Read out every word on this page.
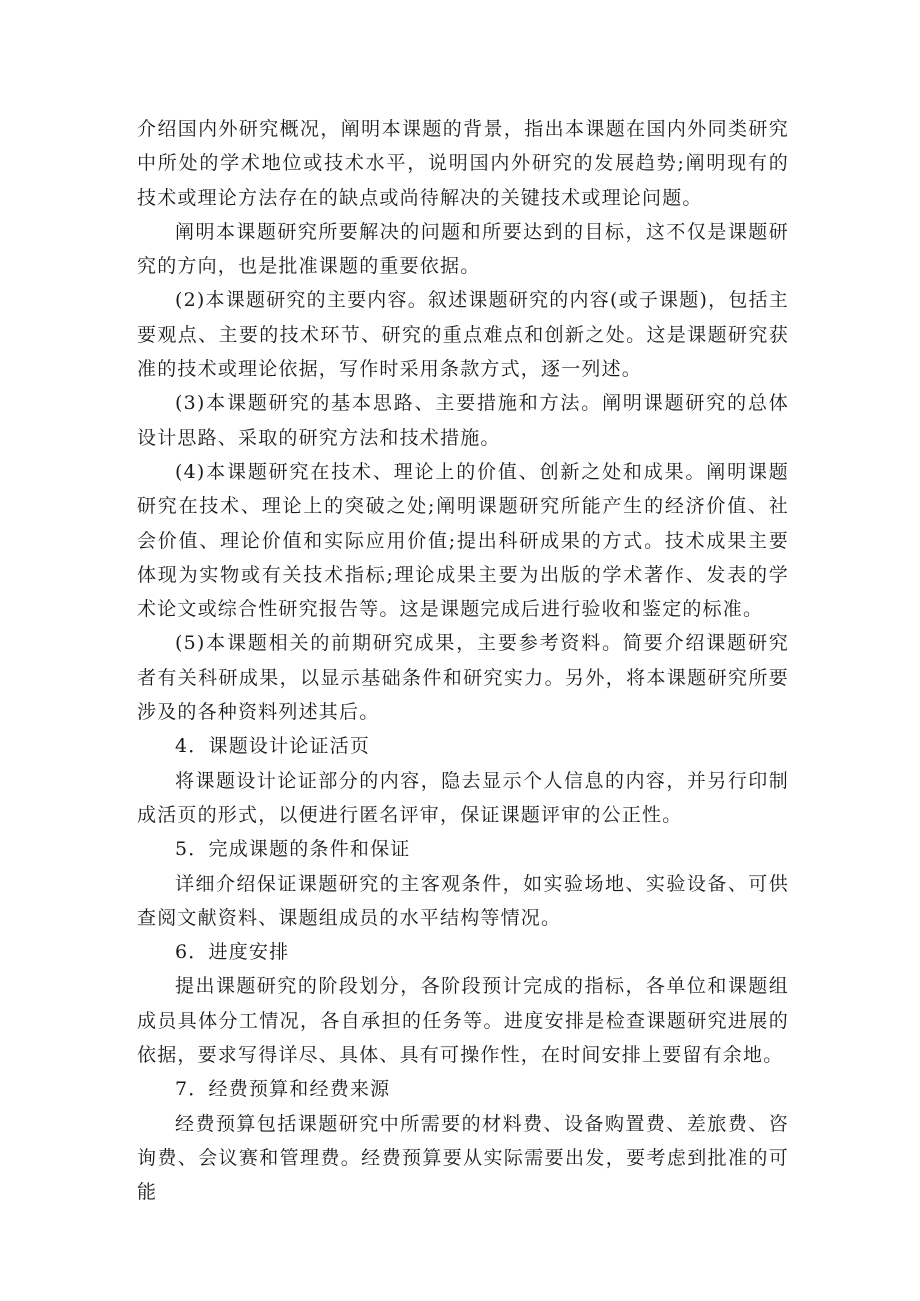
介绍国内外研究概况，阐明本课题的背景，指出本课题在国内外同类研究中所处的学术地位或技术水平，说明国内外研究的发展趋势;阐明现有的技术或理论方法存在的缺点或尚待解决的关键技术或理论问题。

阐明本课题研究所要解决的问题和所要达到的目标，这不仅是课题研究的方向，也是批准课题的重要依据。

(2)本课题研究的主要内容。叙述课题研究的内容(或子课题)，包括主要观点、主要的技术环节、研究的重点难点和创新之处。这是课题研究获准的技术或理论依据，写作时采用条款方式，逐一列述。

(3)本课题研究的基本思路、主要措施和方法。阐明课题研究的总体设计思路、采取的研究方法和技术措施。

(4)本课题研究在技术、理论上的价值、创新之处和成果。阐明课题研究在技术、理论上的突破之处;阐明课题研究所能产生的经济价值、社会价值、理论价值和实际应用价值;提出科研成果的方式。技术成果主要体现为实物或有关技术指标;理论成果主要为出版的学术著作、发表的学术论文或综合性研究报告等。这是课题完成后进行验收和鉴定的标准。

(5)本课题相关的前期研究成果，主要参考资料。简要介绍课题研究者有关科研成果，以显示基础条件和研究实力。另外，将本课题研究所要涉及的各种资料列述其后。

4．课题设计论证活页

将课题设计论证部分的内容，隐去显示个人信息的内容，并另行印制成活页的形式，以便进行匿名评审，保证课题评审的公正性。

5．完成课题的条件和保证

详细介绍保证课题研究的主客观条件，如实验场地、实验设备、可供查阅文献资料、课题组成员的水平结构等情况。

6．进度安排

提出课题研究的阶段划分，各阶段预计完成的指标，各单位和课题组成员具体分工情况，各自承担的任务等。进度安排是检查课题研究进展的依据，要求写得详尽、具体、具有可操作性，在时间安排上要留有余地。

7．经费预算和经费来源

经费预算包括课题研究中所需要的材料费、设备购置费、差旅费、咨询费、会议赛和管理费。经费预算要从实际需要出发，要考虑到批准的可能
